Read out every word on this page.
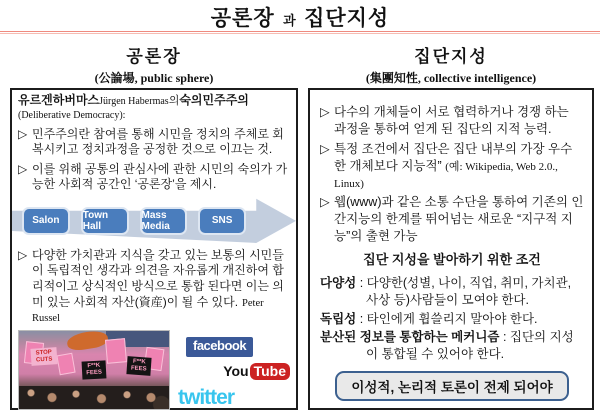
공론장 과 집단지성
공론장
(公論場, public sphere)
집단지성
(集團知性, collective intelligence)
유르겐하버마스Jürgen Habermas의숙의민주주의(Deliberative Democracy):
▷ 민주주의란 참여를 통해 시민을 정치의 주체로 회복시키고 정치과정을 공정한 것으로 이끄는 것.
▷ 이를 위해 공통의 관심사에 관한 시민의 숙의가 가능한 사회적 공간인 ‘공론장’을 제시.
Salon	Town Hall
Mass Media	SNS
▷ 다양한 가치관과 지식을 갖고 있는 보통의 시민들이 독립적인 생각과 의견을 자유롭게 개진하여 합리적이고 상식적인 방식으로 통합 된다면 이는 의미 있는 사회적 자산(資産)이 될 수 있다. Peter Russel
STOP CUTS
F**K FEES
F**K FEES
facebook
You Tube
twitter
▷ 다수의 개체들이 서로 협력하거나 경쟁 하는 과정을 통하여 얻게 된 집단의 지적 능력.
▷ 특정 조건에서 집단은 집단 내부의 가장 우수한 개체보다 지능적” (예: Wikipedia, Web 2.0., Linux)
▷ 웹(www)과 같은 소통 수단을 통하여 기존의 인간지능의 한계를 뛰어넘는 새로운 “지구적 지능”의 출현 가능
집단 지성을 발아하기 위한 조건
다양성 : 다양한(성별, 나이, 직업, 취미, 가치관, 사상 등)사람들이 모여야 한다.
독립성 : 타인에게 휩쓸리지 말아야 한다.
분산된 정보를 통합하는 메커니즘 : 집단의 지성이 통합될 수 있어야 한다.
이성적, 논리적 토론이 전제 되어야
